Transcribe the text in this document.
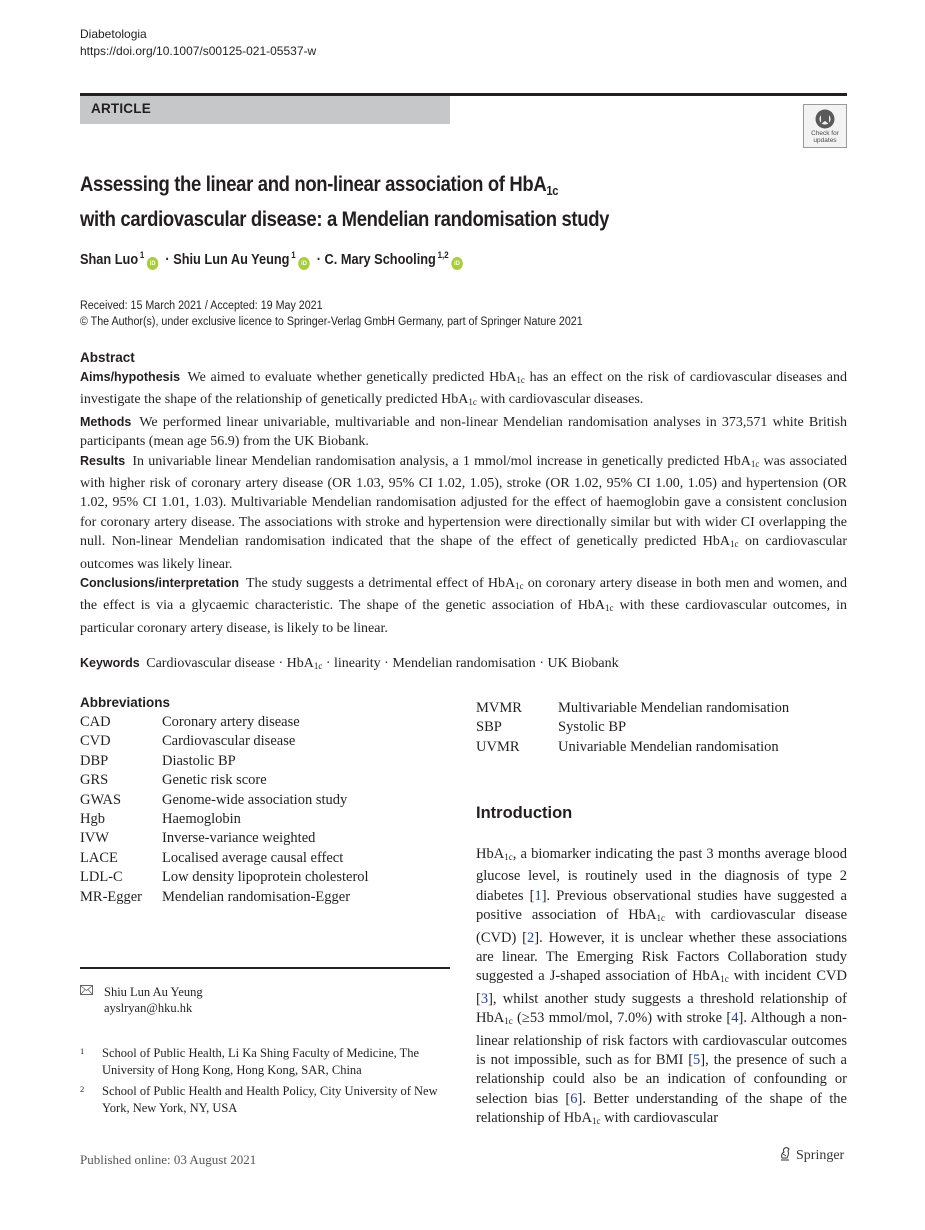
Diabetologia
https://doi.org/10.1007/s00125-021-05537-w
ARTICLE
Check for
updates
Assessing the linear and non-linear association of HbA$_{1c}$
with cardiovascular disease: a Mendelian randomisation study
Shan Luo $^1$iD · Shiu Lun Au Yeung $^1$iD · C. Mary Schooling $^{1,2}$iD
Received: 15 March 2021 / Accepted: 19 May 2021
© The Author(s), under exclusive licence to Springer-Verlag GmbH Germany, part of Springer Nature 2021
Abstract

Aims/hypothesis We aimed to evaluate whether genetically predicted HbA$_{1c}$ has an effect on the risk of cardiovascular diseases and investigate the shape of the relationship of genetically predicted HbA$_{1c}$ with cardiovascular diseases.

Methods We performed linear univariable, multivariable and non-linear Mendelian randomisation analyses in 373,571 white British participants (mean age 56.9) from the UK Biobank.

Results In univariable linear Mendelian randomisation analysis, a 1 mmol/mol increase in genetically predicted HbA$_{1c}$ was associated with higher risk of coronary artery disease (OR 1.03, 95% CI 1.02, 1.05), stroke (OR 1.02, 95% CI 1.00, 1.05) and hypertension (OR 1.02, 95% CI 1.01, 1.03). Multivariable Mendelian randomisation adjusted for the effect of haemoglobin gave a consistent conclusion for coronary artery disease. The associations with stroke and hypertension were directionally similar but with wider CI overlapping the null. Non-linear Mendelian randomisation indicated that the shape of the effect of genetically predicted HbA$_{1c}$ on cardiovascular outcomes was likely linear.

Conclusions/interpretation The study suggests a detrimental effect of HbA$_{1c}$ on coronary artery disease in both men and women, and the effect is via a glycaemic characteristic. The shape of the genetic association of HbA$_{1c}$ with these cardiovascular outcomes, in particular coronary artery disease, is likely to be linear.

Keywords Cardiovascular disease · HbA$_{1c}$ · linearity · Mendelian randomisation · UK Biobank
Abbreviations
CAD	Coronary artery disease
CVD	Cardiovascular disease
DBP	Diastolic BP
GRS	Genetic risk score
GWAS	Genome-wide association study
Hgb	Haemoglobin
IVW	Inverse-variance weighted
LACE	Localised average causal effect
LDL-C	Low density lipoprotein cholesterol
MR-Egger	Mendelian randomisation-Egger
MVMR	Multivariable Mendelian randomisation
SBP	Systolic BP
UVMR	Univariable Mendelian randomisation
Introduction
HbA$_{1c}$, a biomarker indicating the past 3 months average blood glucose level, is routinely used in the diagnosis of type 2 diabetes [1]. Previous observational studies have suggested a positive association of HbA$_{1c}$ with cardiovascular disease (CVD) [2]. However, it is unclear whether these associations are linear. The Emerging Risk Factors Collaboration study suggested a J-shaped association of HbA$_{1c}$ with incident CVD [3], whilst another study suggests a threshold relationship of HbA$_{1c}$ (≥53 mmol/mol, 7.0%) with stroke [4]. Although a non-linear relationship of risk factors with cardiovascular outcomes is not impossible, such as for BMI [5], the presence of such a relationship could also be an indication of confounding or selection bias [6]. Better understanding of the shape of the relationship of HbA$_{1c}$ with cardiovascular
Shiu Lun Au Yeung
ayslryan@hku.hk
1 School of Public Health, Li Ka Shing Faculty of Medicine, The University of Hong Kong, Hong Kong, SAR, China
2 School of Public Health and Health Policy, City University of New York, New York, NY, USA
Published online: 03 August 2021	Springer
